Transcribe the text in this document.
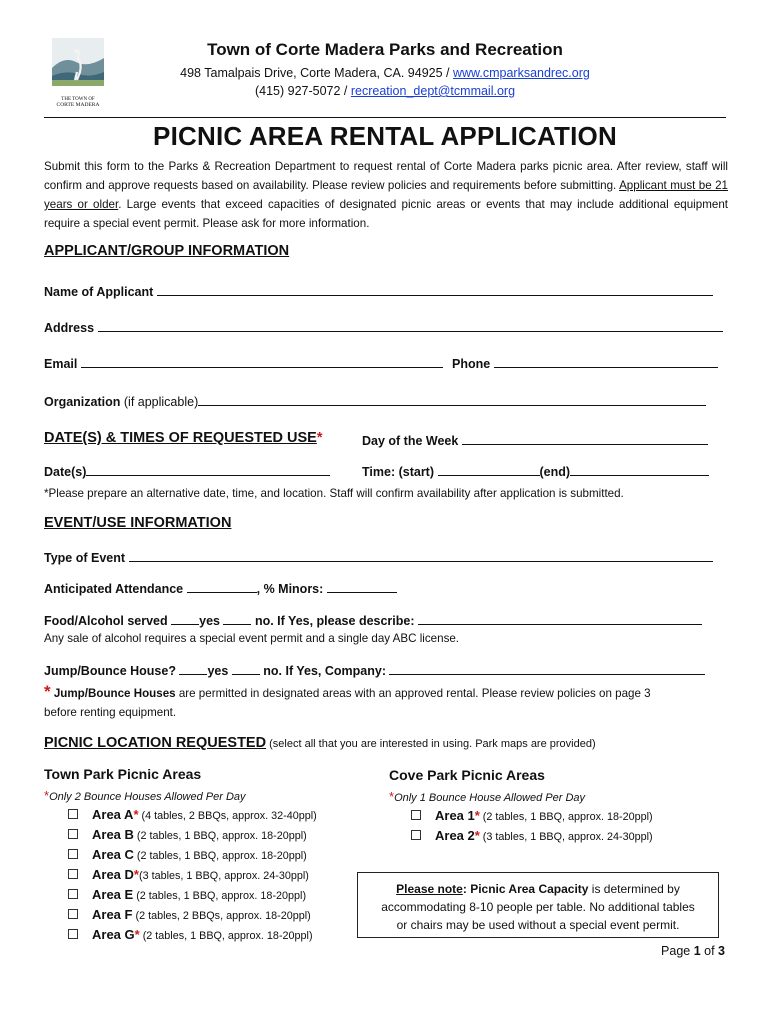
THE TOWN OF
CORTE MADERA
Town of Corte Madera Parks and Recreation
498 Tamalpais Drive, Corte Madera, CA. 94925 / www.cmparksandrec.org
(415) 927-5072 / recreation_dept@tcmmail.org
PICNIC AREA RENTAL APPLICATION
Submit this form to the Parks & Recreation Department to request rental of Corte Madera parks picnic area. After review, staff will confirm and approve requests based on availability. Please review policies and requirements before submitting. Applicant must be 21 years or older. Large events that exceed capacities of designated picnic areas or events that may include additional equipment require a special event permit. Please ask for more information.
APPLICANT/GROUP INFORMATION
Name of Applicant
Address
Email	Phone
Organization (if applicable)
DATE(S) & TIMES OF REQUESTED USE*	Day of the Week
Date(s)	Time: (start)	(end)
*Please prepare an alternative date, time, and location. Staff will confirm availability after application is submitted.
EVENT/USE INFORMATION
Type of Event
Anticipated Attendance	, % Minors:
Food/Alcohol served	yes	no. If Yes, please describe:
Any sale of alcohol requires a special event permit and a single day ABC license.
Jump/Bounce House?	yes	no. If Yes, Company:
* Jump/Bounce Houses are permitted in designated areas with an approved rental. Please review policies on page 3
before renting equipment.
PICNIC LOCATION REQUESTED (select all that you are interested in using. Park maps are provided)
Town Park Picnic Areas
*Only 2 Bounce Houses Allowed Per Day
Area A* (4 tables, 2 BBQs, approx. 32-40ppl)
Area B (2 tables, 1 BBQ, approx. 18-20ppl)
Area C (2 tables, 1 BBQ, approx. 18-20ppl)
Area D*(3 tables, 1 BBQ, approx. 24-30ppl)
Area E (2 tables, 1 BBQ, approx. 18-20ppl)
Area F (2 tables, 2 BBQs, approx. 18-20ppl)
Area G* (2 tables, 1 BBQ, approx. 18-20ppl)
Cove Park Picnic Areas
*Only 1 Bounce House Allowed Per Day
Area 1* (2 tables, 1 BBQ, approx. 18-20ppl)
Area 2* (3 tables, 1 BBQ, approx. 24-30ppl)
Please note: Picnic Area Capacity is determined by
accommodating 8-10 people per table. No additional tables
or chairs may be used without a special event permit.
Page 1 of 3
